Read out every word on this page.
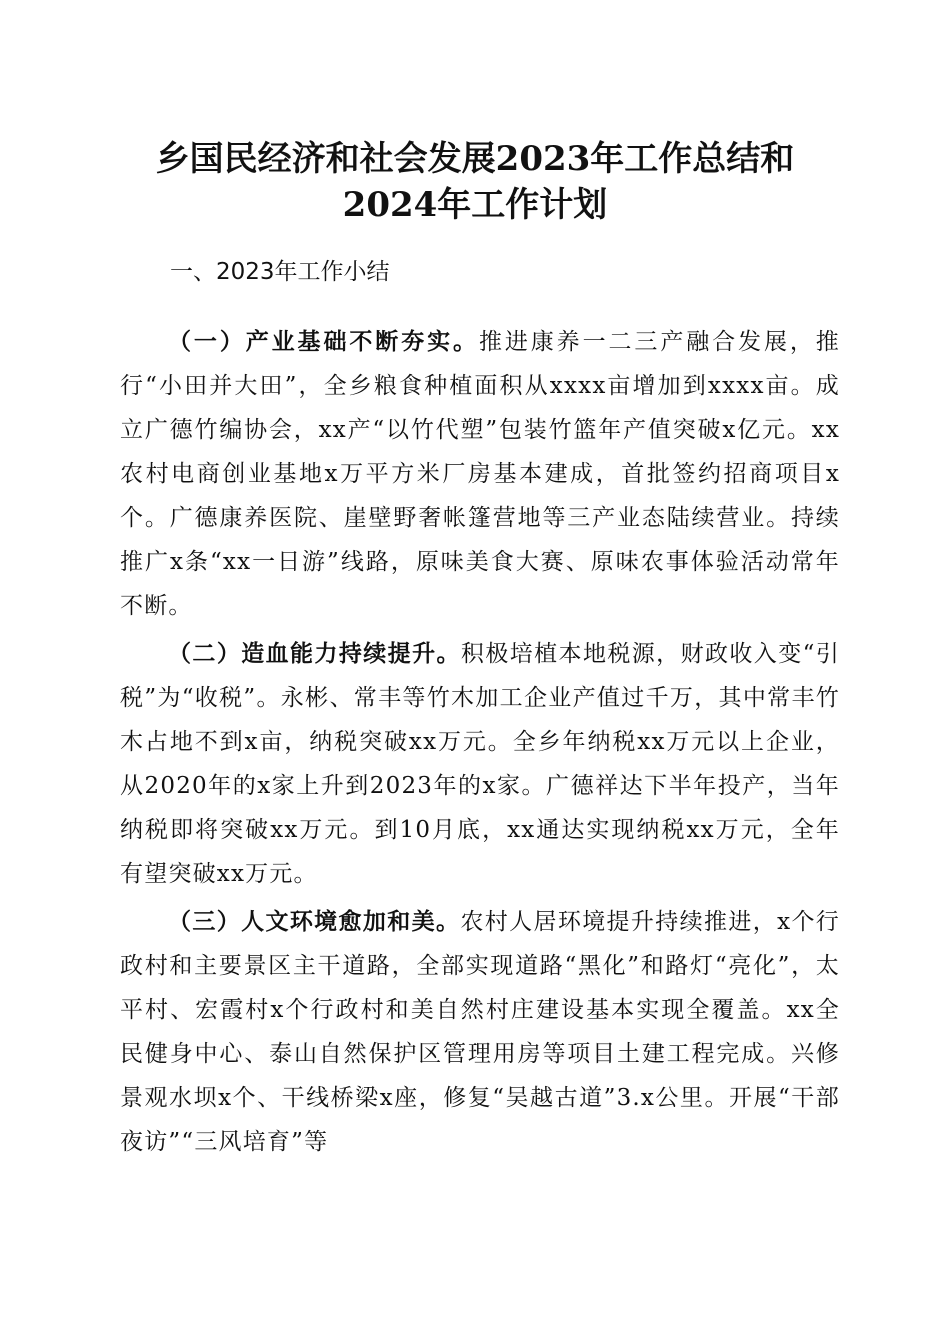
乡国民经济和社会发展2023年工作总结和
2024年工作计划
一、2023年工作小结

（一）产业基础不断夯实。推进康养一二三产融合发展，推行“小田并大田”，全乡粮食种植面积从xxxx亩增加到xxxx亩。成立广德竹编协会，xx产“以竹代塑”包装竹篮年产值突破x亿元。xx农村电商创业基地x万平方米厂房基本建成，首批签约招商项目x个。广德康养医院、崖壁野奢帐篷营地等三产业态陆续营业。持续推广x条“xx一日游”线路，原味美食大赛、原味农事体验活动常年不断。

（二）造血能力持续提升。积极培植本地税源，财政收入变“引税”为“收税”。永彬、常丰等竹木加工企业产值过千万，其中常丰竹木占地不到x亩，纳税突破xx万元。全乡年纳税xx万元以上企业，从2020年的x家上升到2023年的x家。广德祥达下半年投产，当年纳税即将突破xx万元。到10月底，xx通达实现纳税xx万元，全年有望突破xx万元。

（三）人文环境愈加和美。农村人居环境提升持续推进，x个行政村和主要景区主干道路，全部实现道路“黑化”和路灯“亮化”，太平村、宏霞村x个行政村和美自然村庄建设基本实现全覆盖。xx全民健身中心、泰山自然保护区管理用房等项目土建工程完成。兴修景观水坝x个、干线桥梁x座，修复“吴越古道”3.x公里。开展“干部夜访”“三风培育”等
